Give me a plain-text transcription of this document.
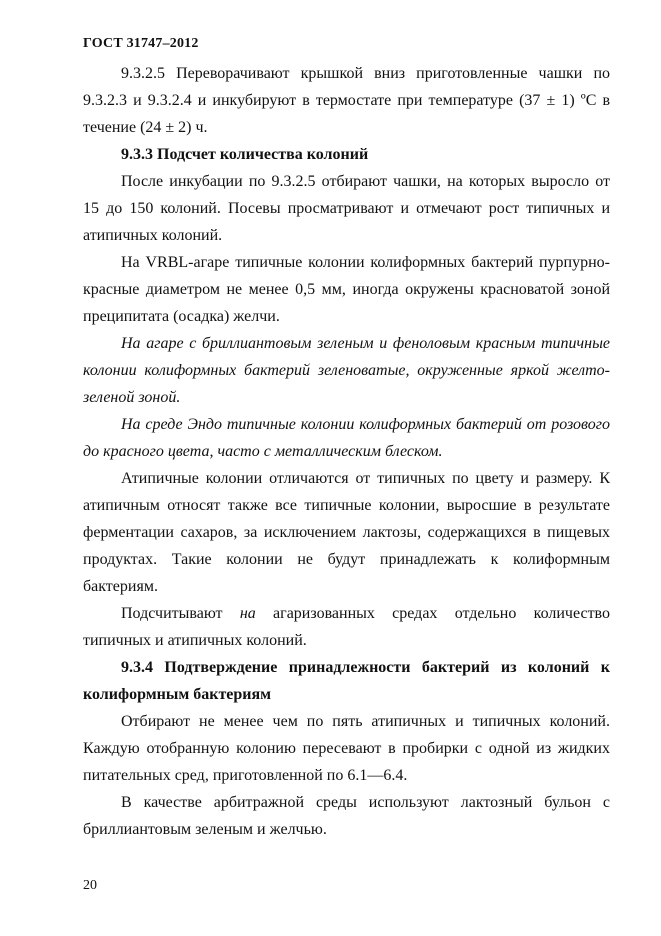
ГОСТ 31747–2012

9.3.2.5 Переворачивают крышкой вниз приготовленные чашки по 9.3.2.3 и 9.3.2.4 и инкубируют в термостате при температуре (37 ± 1) ºС в течение (24 ± 2) ч.

9.3.3 Подсчет количества колоний

После инкубации по 9.3.2.5 отбирают чашки, на которых выросло от 15 до 150 колоний. Посевы просматривают и отмечают рост типичных и атипичных колоний.

На VRBL-агаре типичные колонии колиформных бактерий пурпурно-красные диаметром не менее 0,5 мм, иногда окружены красноватой зоной преципитата (осадка) желчи.

На агаре с бриллиантовым зеленым и феноловым красным типичные колонии колиформных бактерий зеленоватые, окруженные яркой желто-зеленой зоной.

На среде Эндо типичные колонии колиформных бактерий от розового до красного цвета, часто с металлическим блеском.

Атипичные колонии отличаются от типичных по цвету и размеру. К атипичным относят также все типичные колонии, выросшие в результате ферментации сахаров, за исключением лактозы, содержащихся в пищевых продуктах. Такие колонии не будут принадлежать к колиформным бактериям.

Подсчитывают на агаризованных средах отдельно количество типичных и атипичных колоний.

9.3.4 Подтверждение принадлежности бактерий из колоний к колиформным бактериям

Отбирают не менее чем по пять атипичных и типичных колоний. Каждую отобранную колонию пересевают в пробирки с одной из жидких питательных сред, приготовленной по 6.1—6.4.

В качестве арбитражной среды используют лактозный бульон с бриллиантовым зеленым и желчью.

20
